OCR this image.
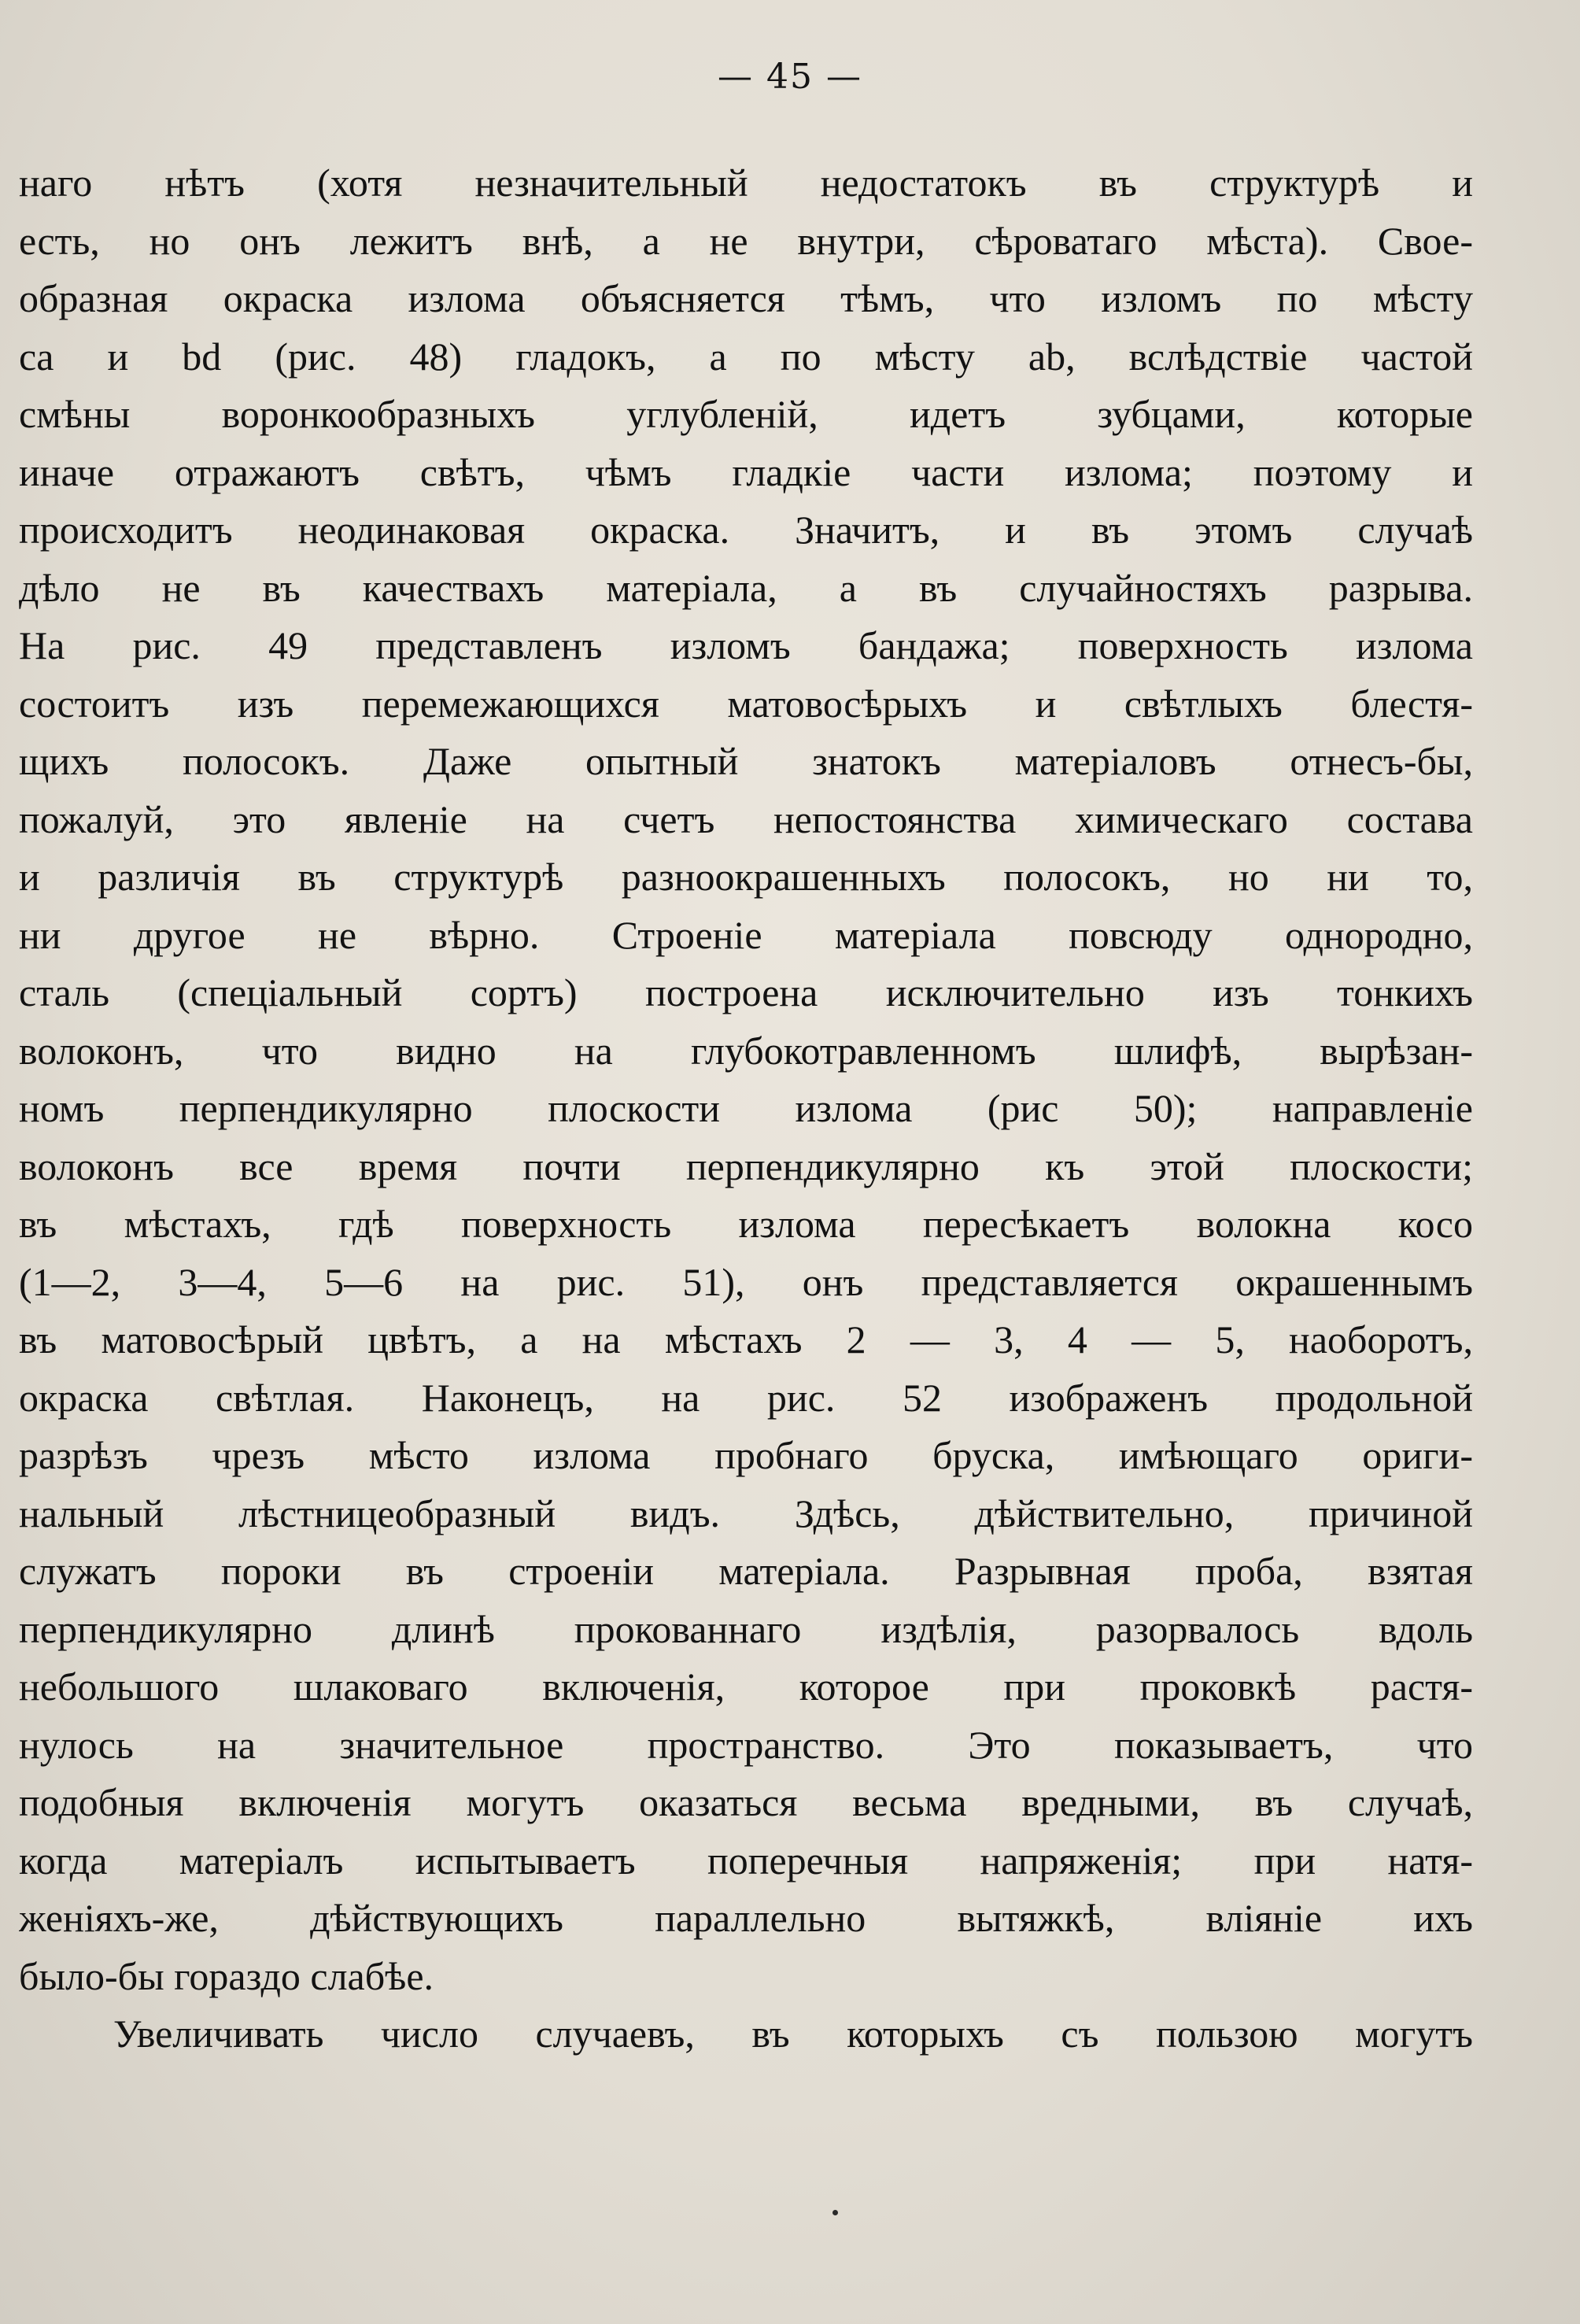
— 45 —
наго нѣтъ (хотя незначительный недостатокъ въ структурѣ и
есть, но онъ лежитъ внѣ, а не внутри, сѣроватаго мѣста). Свое-
образная окраска излома объясняется тѣмъ, что изломъ по мѣсту
ca и bd (рис. 48) гладокъ, а по мѣсту ab, вслѣдствіе частой
смѣны воронкообразныхъ углубленій, идетъ зубцами, которые
иначе отражаютъ свѣтъ, чѣмъ гладкіе части излома; поэтому и
происходитъ неодинаковая окраска. Значитъ, и въ этомъ случаѣ
дѣло не въ качествахъ матеріала, а въ случайностяхъ разрыва.
На рис. 49 представленъ изломъ бандажа; поверхность излома
состоитъ изъ перемежающихся матовосѣрыхъ и свѣтлыхъ блестя-
щихъ полосокъ. Даже опытный знатокъ матеріаловъ отнесъ-бы,
пожалуй, это явленіе на счетъ непостоянства химическаго состава
и различія въ структурѣ разноокрашенныхъ полосокъ, но ни то,
ни другое не вѣрно. Строеніе матеріала повсюду однородно,
сталь (спеціальный сортъ) построена исключительно изъ тонкихъ
волоконъ, что видно на глубокотравленномъ шлифѣ, вырѣзан-
номъ перпендикулярно плоскости излома (рис 50); направленіе
волоконъ все время почти перпендикулярно къ этой плоскости;
въ мѣстахъ, гдѣ поверхность излома пересѣкаетъ волокна косо
(1—2, 3—4, 5—6 на рис. 51), онъ представляется окрашеннымъ
въ матовосѣрый цвѣтъ, а на мѣстахъ 2 — 3, 4 — 5, наоборотъ,
окраска свѣтлая. Наконецъ, на рис. 52 изображенъ продольной
разрѣзъ чрезъ мѣсто излома пробнаго бруска, имѣющаго ориги-
нальный лѣстницеобразный видъ. Здѣсь, дѣйствительно, причиной
служатъ пороки въ строеніи матеріала. Разрывная проба, взятая
перпендикулярно длинѣ прокованнаго издѣлія, разорвалось вдоль
небольшого шлаковаго включенія, которое при проковкѣ растя-
нулось на значительное пространство. Это показываетъ, что
подобныя включенія могутъ оказаться весьма вредными, въ случаѣ,
когда матеріалъ испытываетъ поперечныя напряженія; при натя-
женіяхъ-же, дѣйствующихъ параллельно вытяжкѣ, вліяніе ихъ
было-бы гораздо слабѣе.
Увеличивать число случаевъ, въ которыхъ съ пользою могутъ
